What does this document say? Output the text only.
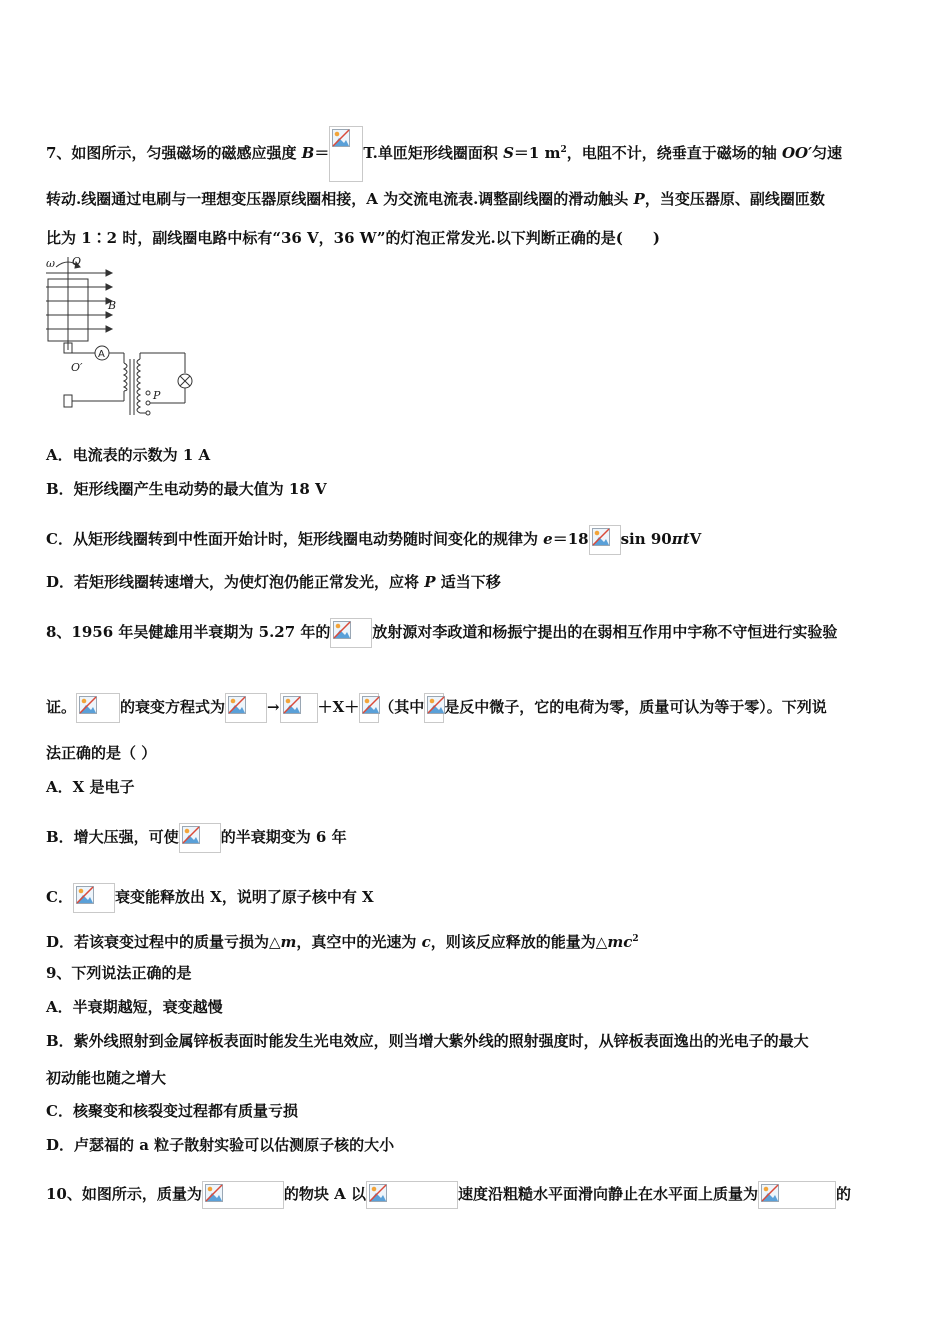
7、如图所示，匀强磁场的磁感应强度 B＝ T.单匝矩形线圈面积 S＝1 $m^2$，电阻不计，绕垂直于磁场的轴 OO′匀速
转动.线圈通过电刷与一理想变压器原线圈相接，A 为交流电流表.调整副线圈的滑动触头 P，当变压器原、副线圈匝数
比为 1∶2 时，副线圈电路中标有“36 V，36 W”的灯泡正常发光.以下判断正确的是(　　)
ω O
B
O′
P
A
A．电流表的示数为 1 A
B．矩形线圈产生电动势的最大值为 18 V
C．从矩形线圈转到中性面开始计时，矩形线圈电动势随时间变化的规律为 e＝18 sin 90πtV
D．若矩形线圈转速增大，为使灯泡仍能正常发光，应将 P 适当下移
8、1956 年吴健雄用半衰期为 5.27 年的	放射源对李政道和杨振宁提出的在弱相互作用中宇称不守恒进行实验验
证。	的衰变方程式为	→	＋X＋ （其中 是反中微子，它的电荷为零，质量可认为等于零）。下列说
法正确的是（ ）
A．X 是电子
B．增大压强，可使	的半衰期变为 6 年
C．	衰变能释放出 X，说明了原子核中有 X
D．若该衰变过程中的质量亏损为△m，真空中的光速为 c，则该反应释放的能量为$\triangle mc^2$
9、下列说法正确的是
A．半衰期越短，衰变越慢
B．紫外线照射到金属锌板表面时能发生光电效应，则当增大紫外线的照射强度时，从锌板表面逸出的光电子的最大
初动能也随之增大
C．核聚变和核裂变过程都有质量亏损
D．卢瑟福的 a 粒子散射实验可以估测原子核的大小
10、如图所示，质量为	的物块 A 以	速度沿粗糙水平面滑向静止在水平面上质量为	的
